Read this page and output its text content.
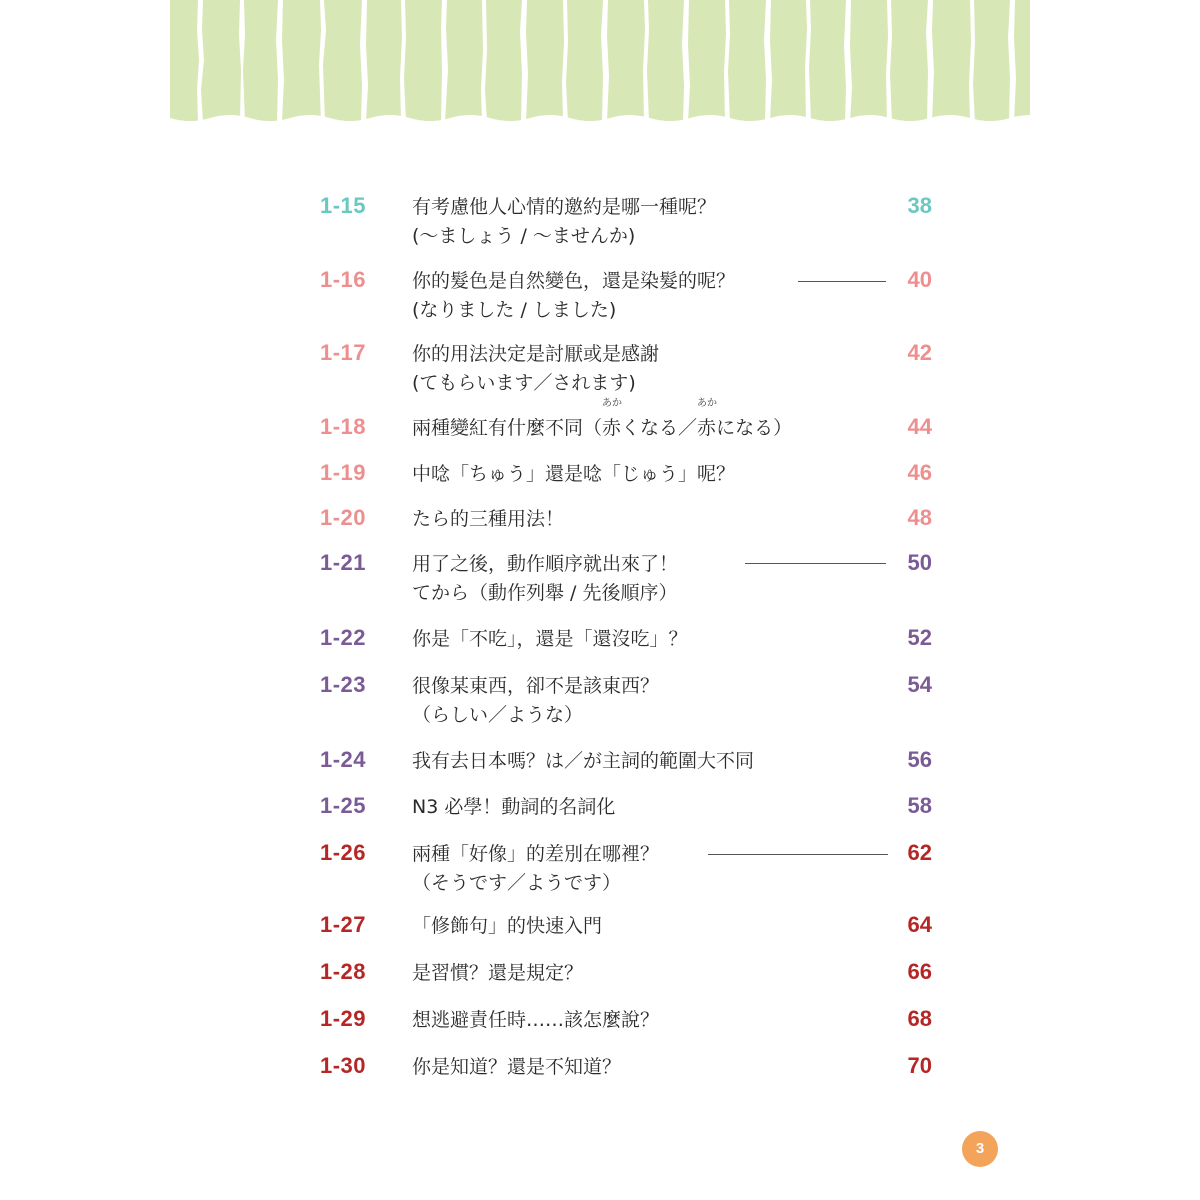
1-15 有考慮他人心情的邀約是哪一種呢？
(〜ましょう / 〜ませんか)
38
1-16 你的髮色是自然變色，還是染髮的呢？
(なりました / しました)
40
1-17 你的用法決定是討厭或是感謝
(てもらいます／されます)
42
1-18 兩種變紅有什麼不同（
あか
赤くなる／
あか
赤になる）	44
1-19 中唸「ちゅう」還是唸「じゅう」呢？	46
1-20 たら的三種用法！	48
1-21 用了之後，動作順序就出來了！
てから（動作列舉 / 先後順序）
50
1-22 你是「不吃」，還是「還沒吃」？	52
1-23 很像某東西，卻不是該東西？
（らしい／ような）
54
1-24 我有去日本嗎？は／が主詞的範圍大不同	56
1-25 N3 必學！動詞的名詞化	58
1-26 兩種「好像」的差別在哪裡？
（そうです／ようです）
62
1-27 「修飾句」的快速入門	64
1-28 是習慣？還是規定？	66
1-29 想逃避責任時……該怎麼說？	68
1-30 你是知道？還是不知道？	70
3
